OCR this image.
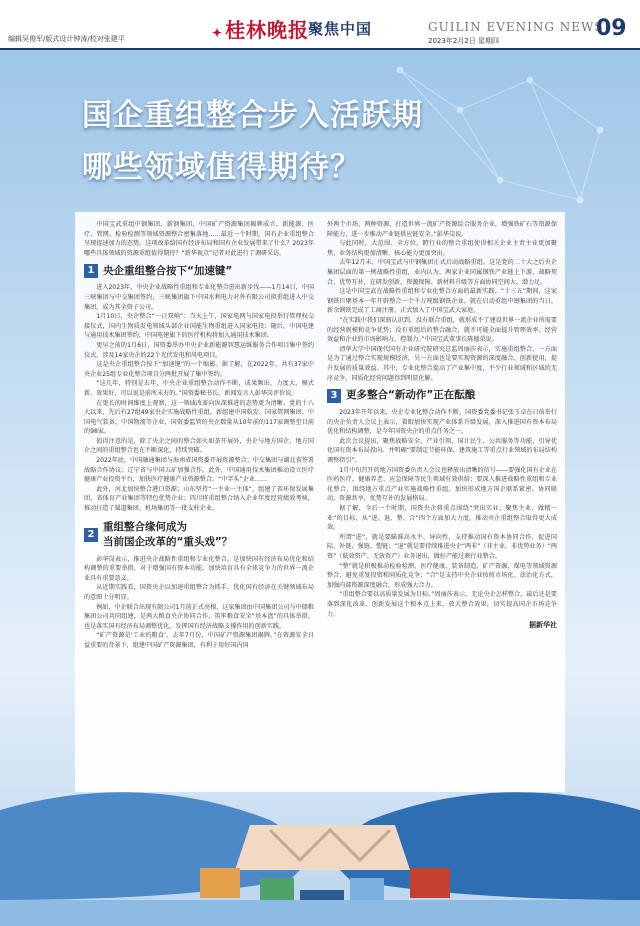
编辑吴俊军/版式设计钟涛/校对张建平
✦	桂林晚报
聚焦中国	GUILIN EVENING NEWS
2023年2月2日 星期四	09
国企重组整合步入活跃期
哪些领域值得期待？

中国宝武重组中钢集团、新钢集团，中国矿产资源集团揭牌成立，新能源、医疗、管网、检验检测等领域资源整合密集落地……最近一个时期，国有企业重组整合呈现提速加力的态势。这项改革给国有经济布局和国有企业发展带来了什么？2023年哪些具体领域的资源重组值得期待？“新华视点”记者对此进行了调研采访。

1 央企重组整合按下“加速键”

进入2023年，中央企业战略性重组和专业化整合进出新步伐——1月14日，中国三峡集团与中交集团签约，三峡集团旗下中国水利电力对外有限公司拟重组进入中交集团，成为其全资子公司。

1月10日，央企整合“一日双响”：当天上午，国家电网与国家电投举行管理权交接仪式，国内生物质发电领域头部企业国能生物重组进入国家电投；随后，中国电建与通用技术集团签约，中国电建旗下的医疗机构将加入通用技术集团。

更早之前的1月6日，国资委举办中央企业新能源智慧运维服务合作项目集中签约仪式，涉及14家央企的22个光伏发电和风电项目。

这是央企重组整合按下“加速键”的一个缩影。据了解，在2022年，共有37家中央企业25组专业化整合项目分两批开展了集中签约。

“这几年，特别是去年，中央企业重组整合动作不断，成果频出，力度大、模式新、效果好，可以说是前所未有的。”国资委秘书长、新闻发言人彭华岗评价说。

在更长的时间维度上观察，这一领域改革向纵深推进的态势更为清晰。党的十八大以来，先后有27组49家央企实施战略性重组，新组建中国航发、国家管网集团、中国电气装备、中国物流等企业，国资委监管的央企数量从10年前的117家调整至目前的98家。

值得注意的是，除了央企之间的整合如火如荼开展外，央企与地方国企、地方国企之间的重组整合也在不断深化、持续突破。

2022年底，中国融通集团与海南省国资委开展资源整合；中交集团与湖北省签署战略合作协议；辽宁省与中国五矿加强合作。此外，中国通用技术集团推动设立医疗健康产业投资平台，加快医疗健康产业资源整合。“中字头”企业……

此外，河北加快整合港口资源；山东坚持“一主业一主体”，组建了省环保发展集团、省体育产业集团等特色优势企业；四川将重组整合纳入企业年度经营绩效考核，推动打造了蜀道集团、机场集团等一批支柱企业。

2
重组整合缘何成为
当前国企改革的“重头戏”？

彭华岗表示，推进央企战略性重组和专业化整合，是加快国有经济布局优化和结构调整的重要举措，对于增强国有资本功能、加快培育具有全球竞争力的世界一流企业具有重要意义。

从近期实践看，国资央企以加速重组整合为抓手，优化国有经济在关键领域布局的意图十分明显。

例如，中企联合出现有限公司1月前正式亮相，这家集团由中国集团公司与中储粮集团公司共同组建，是两大粮食央企协同合作、筑牢粮食安全“基本盘”的具体举措，也是落实国有经济布局调整优化、发挥国有经济战略支撑作用的创新实践。

“矿产资源是‘工业的粮食’，去年7月份，中国矿产资源集团揭牌。”在资源安全日益重要的背景下，组建中国矿产资源集团，有利于用好国内国

外两个市场、两种资源，打造世界一流矿产资源综合服务企业，增强铁矿石等资源保障能力，进一步推动产业链供应链安全。”彭华岗说。

与此同时，大范围、全方位、跨行业的整合重组使得相关企业主责主业更加聚焦、业务结构更加清晰、核心能力更加突出。

去年12月末，中国宝武与中钢集团正式启动战略重组。这是党的二十大之后央企集团层面的第一例战略性重组，业内认为，两家企业同属钢铁产业链上下游，战略契合、优势互补，在研发创新、资源保障、新材料升级等方面协同空间大、潜力足。

这是中国宝武在战略性重组和专业化整合方面的最新实践。“十三五”期间，这家钢铁巨擘基本一年开辟整合一个千万吨级钢铁企业，就在启动重组中钢集团的当日，新余钢铁完成了工商注册，正式加入了中国宝武大家庭。

“在实践中我们深刻认识到，没有联合重组，就形成不了建设世界一流企业所需要的经营规模和竞争优势；没有重组后的整合融合，就不可能全面提升管理效率、经营效益和企业的市场影响力、控制力。”中国宝武董事长陈德荣说。

清华大学中国现代国有企业研究院研究总监周丽莎表示，实施重组整合，一方面是为了通过整合实现规模经济，另一方面也是要实现资源的深度融合、创新使用，提升发展的质量效益。其中，专业化整合提高了产业集中度，不少行业领域和区域的无序竞争、同质化经营问题得到明显化解。

3 更多整合“新动作”正在酝酿

2023年开年以来，央企专业化整合动作不断。国资委党委书记张玉卓在日前举行的央企负责人会议上表示，着眼加快实现产业体系升级发展，深入推进国有资本布局优化和结构调整，是今年国资央企的重点任务之一。

此次会议提出，聚焦战略安全、产业引领、国计民生、公共服务等功能，引导优化国有资本布局投向。并明确“要制定节能环保、建筑施工等重点行业领域的布局结构调整指引”。

1月中旬召开的地方国资委负责人会议也释放出清晰的信号——要强化国有企业在医药医疗、健康养老、应急保障等民生领域有效供给；要深入推进战略性重组和专业化整合，围绕地方重点产业实施战略性重组。加快形成地方国企联系紧密、协同联动、资源共享、优势互补的发展格局。

据了解，今后一个时期，国资央企将重点围绕“突出实业、聚焦主业、做精一业”的目标，从“进、退、整、合”四个方面加大力度，推动央企重组整合取得更大成效。

所谓“进”，就是要瞄准高水平、导向性，支持推动国有资本协同合作，促进国际、补链、强链、塑链；“退”就是要持续推进央企“两非”（非主业、非优势业务）“两资”（低效资产、无效资产）业务退出，做好产能过剩行业整合。

“整”就是积极推动检验检测、医疗健康、装备制造、矿产资源、煤电等领域资源整合，避免重复投资和同质化竞争；“合”是支持中央企业按照市场化、法治化方式，加强内部资源深度融合，形成强大合力。

“重组整合要以高质量发展为目标。”周丽莎表示，无论央企怎样整合，最后还是要落到深化改革、创新发展这个根本点上来，放大整合效果，切实提高国企市场竞争力。

据新华社
